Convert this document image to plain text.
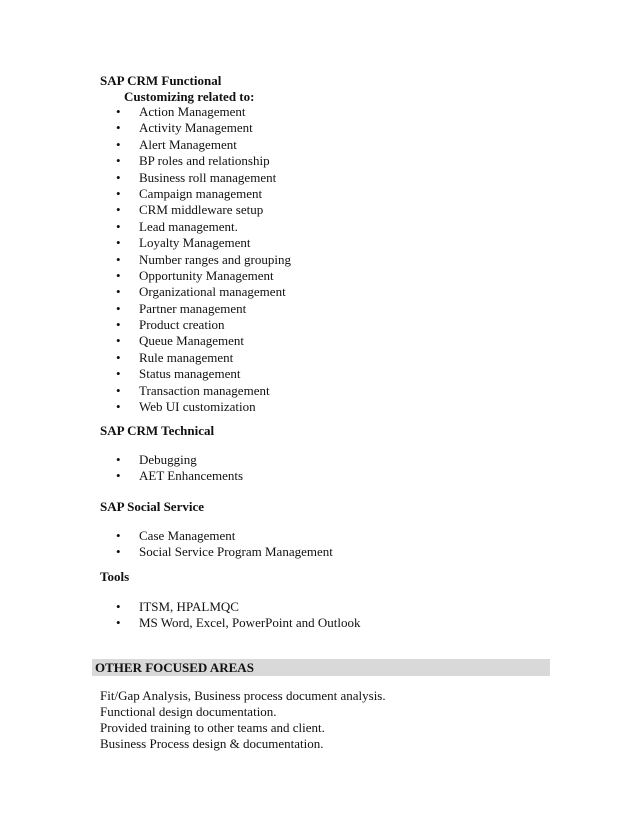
SAP CRM Functional
Customizing related to:
• Action Management
• Activity Management
• Alert Management
• BP roles and relationship
• Business roll management
• Campaign management
• CRM middleware setup
• Lead management.
• Loyalty Management
• Number ranges and grouping
• Opportunity Management
• Organizational management
• Partner management
• Product creation
• Queue Management
• Rule management
• Status management
• Transaction management
• Web UI customization
SAP CRM Technical
• Debugging
• AET Enhancements
SAP Social Service
• Case Management
• Social Service Program Management
Tools
• ITSM, HPALMQC
• MS Word, Excel, PowerPoint and Outlook
OTHER FOCUSED AREAS

Fit/Gap Analysis, Business process document analysis.

Functional design documentation.

Provided training to other teams and client.

Business Process design & documentation.
